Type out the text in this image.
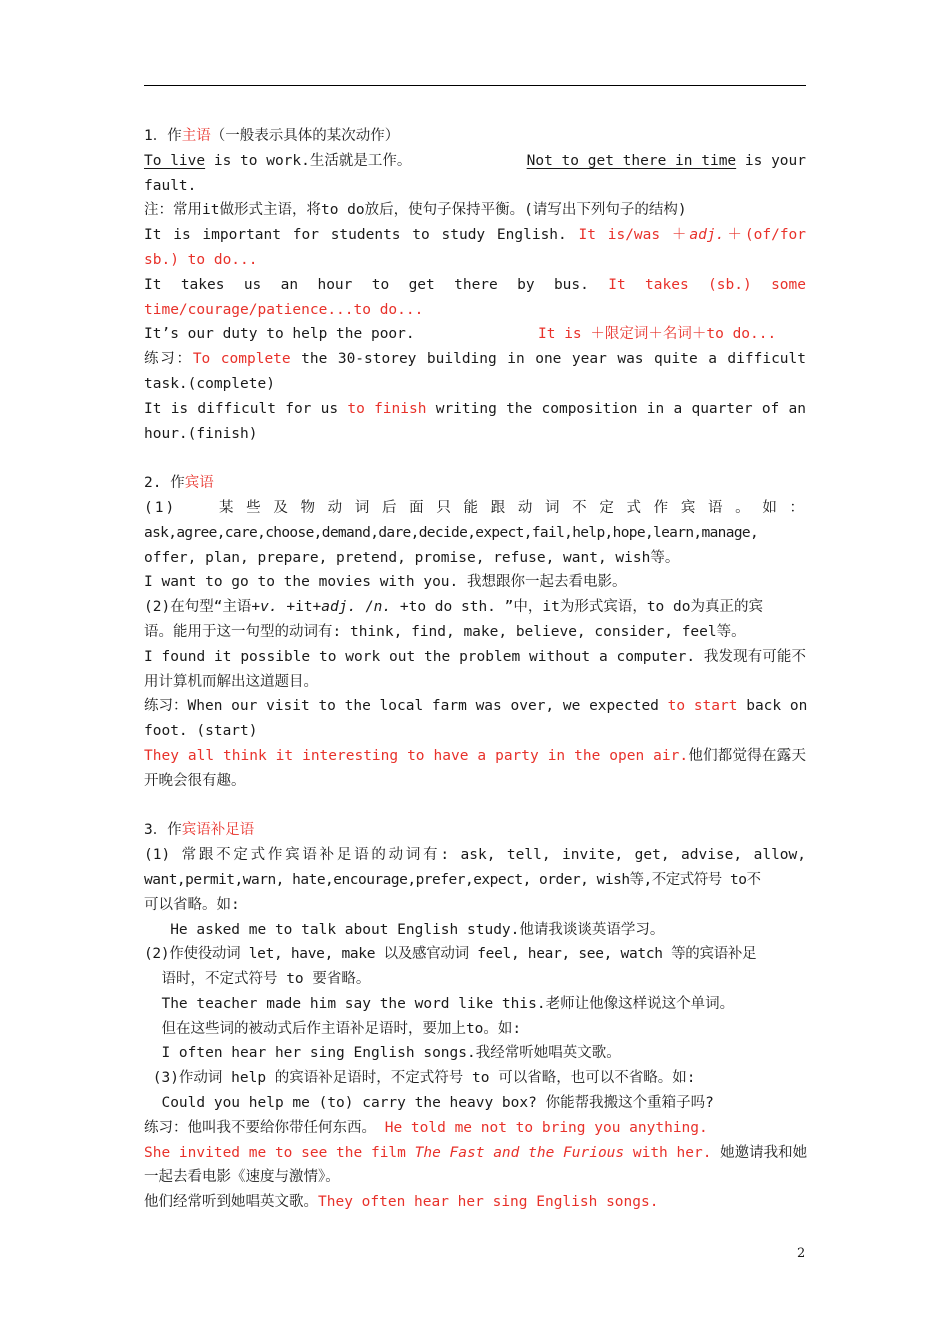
1．作主语（一般表示具体的某次动作）
To live is to work.生活就是工作。	Not to get there in time is your
fault.
注：常用it做形式主语，将to do放后，使句子保持平衡。(请写出下列句子的结构)
It is important for students to study English. It is/was ＋adj.＋(of/for
sb.) to do...
It takes us an hour to get there by bus. It takes (sb.) some
time/courage/patience...to do...
It’s our duty to help the poor.	It is ＋限定词＋名词＋to do...
练习：To complete the 30-storey building in one year was quite a difficult
task.(complete)
It is difficult for us to finish writing the composition in a quarter of an
hour.(finish)
2. 作宾语
(1)  某些及物动词后面只能跟动词不定式作宾语。如：
ask,agree,care,choose,demand,dare,decide,expect,fail,help,hope,learn,manage,
offer, plan, prepare, pretend, promise, refuse, want, wish等。
I want to go to the movies with you. 我想跟你一起去看电影。
(2)在句型“主语+v. +it+adj. /n. +to do sth. ”中，it为形式宾语，to do为真正的宾
语。能用于这一句型的动词有: think, find, make, believe, consider, feel等。
I found it possible to work out the problem without a computer. 我发现有可能不
用计算机而解出这道题目。
练习：When our visit to the local farm was over, we expected to start back on
foot. (start)
They all think it interesting to have a party in the open air.他们都觉得在露天
开晚会很有趣。
3．作宾语补足语
(1) 常跟不定式作宾语补足语的动词有: ask, tell, invite, get, advise, allow,
want,permit,warn, hate,encourage,prefer,expect, order, wish等,不定式符号 to不
可以省略。如:
He asked me to talk about English study.他请我谈谈英语学习。
(2)作使役动词 let, have, make 以及感官动词 feel, hear, see, watch 等的宾语补足
语时，不定式符号 to 要省略。
The teacher made him say the word like this.老师让他像这样说这个单词。
但在这些词的被动式后作主语补足语时，要加上to。如:
I often hear her sing English songs.我经常听她唱英文歌。
(3)作动词 help 的宾语补足语时，不定式符号 to 可以省略，也可以不省略。如:
Could you help me (to) carry the heavy box? 你能帮我搬这个重箱子吗?
练习：他叫我不要给你带任何东西。 He told me not to bring you anything.
She invited me to see the film The Fast and the Furious with her. 她邀请我和她
一起去看电影《速度与激情》。
他们经常听到她唱英文歌。They often hear her sing English songs.
2
